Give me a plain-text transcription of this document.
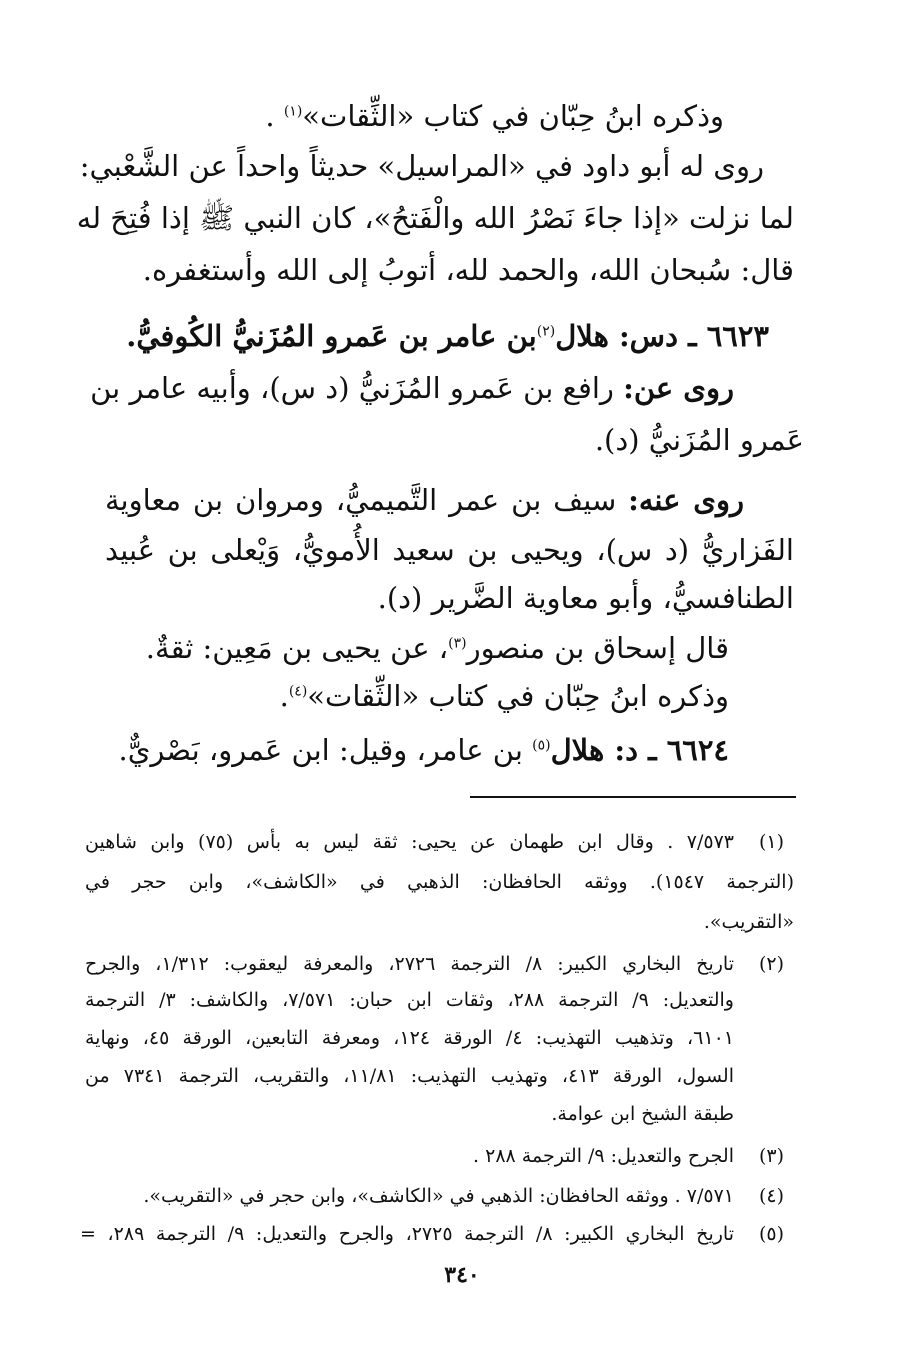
وذكره ابنُ حِبّان في كتاب «الثِّقات»$^{(١)}$ .
روى له أبو داود في «المراسيل» حديثاً واحداً عن الشَّعْبي:
لما نزلت «إذا جاءَ نَصْرُ الله والْفَتحُ»، كان النبي ﷺ إذا فُتِحَ له
قال: سُبحان الله، والحمد لله، أتوبُ إلى الله وأستغفره.
٦٦٢٣ ـ دس: هلال$^{(٢)}$بن عامر بن عَمرو المُزَنيُّ الكُوفيُّ.
روى عن: رافع بن عَمرو المُزَنيُّ (د س)، وأبيه عامر بن
عَمرو المُزَنيُّ (د).
روى عنه: سيف بن عمر التَّميميُّ، ومروان بن معاوية
الفَزاريُّ (د س)، ويحيى بن سعيد الأُمويُّ، وَيْعلى بن عُبيد
الطنافسيُّ، وأبو معاوية الضَّرير (د).
قال إسحاق بن منصور$^{(٣)}$، عن يحيى بن مَعِين: ثقةٌ.
وذكره ابنُ حِبّان في كتاب «الثِّقات»$^{(٤)}$.
٦٦٢٤ ـ د: هلال$^{(٥)}$ بن عامر، وقيل: ابن عَمرو، بَصْريٌّ.
(١)
٧/٥٧٣ . وقال ابن طهمان عن يحيى: ثقة ليس به بأس (٧٥) وابن شاهين
(الترجمة ١٥٤٧). ووثقه الحافظان: الذهبي في «الكاشف»، وابن حجر في
«التقريب».
(٢)
تاريخ البخاري الكبير: ٨/ الترجمة ٢٧٢٦، والمعرفة ليعقوب: ١/٣١٢، والجرح
والتعديل: ٩/ الترجمة ٢٨٨، وثقات ابن حبان: ٧/٥٧١، والكاشف: ٣/ الترجمة
٦١٠١، وتذهيب التهذيب: ٤/ الورقة ١٢٤، ومعرفة التابعين، الورقة ٤٥، ونهاية
السول، الورقة ٤١٣، وتهذيب التهذيب: ١١/٨١، والتقريب، الترجمة ٧٣٤١ من
طبقة الشيخ ابن عوامة.
(٣)
الجرح والتعديل: ٩/ الترجمة ٢٨٨ .
(٤)
٧/٥٧١ . ووثقه الحافظان: الذهبي في «الكاشف»، وابن حجر في «التقريب».
(٥)
تاريخ البخاري الكبير: ٨/ الترجمة ٢٧٢٥، والجرح والتعديل: ٩/ الترجمة ٢٨٩، =
٣٤٠
